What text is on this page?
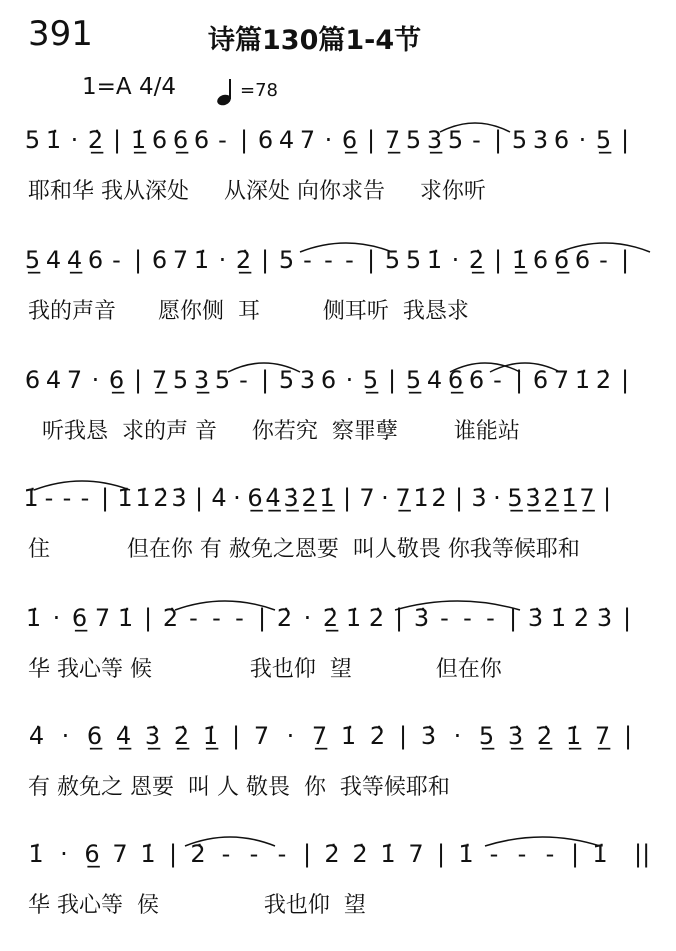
391	诗篇130篇1-4节
1=A 4/4	=78
5 1̇ · 2̲̇ | 1̲̇ 6 6̲ 6 - | 6 4 7 · 6̲ | 7̲ 5 3̲ 5 - | 5 3 6 · 5̲ |
耶和华 我从深处     从深处 向你求告     求你听
5̲ 4 4̲ 6 - | 6 7 1̇ · 2̲̇ | 5 - - - | 5 5 1̇ · 2̲̇ | 1̲̇ 6 6̲ 6 - |
我的声音      愿你侧  耳         侧耳听  我恳求
6 4 7 · 6̲ | 7̲ 5 3̲ 5 - | 5 3 6 · 5̲ | 5̲ 4 6̲ 6 - | 6 7 1̇ 2̇ |
听我恳  求的声 音     你若究  察罪孽        谁能站
1̇ - - - | 1̇ 1̇ 2̇ 3̇ | 4̇ · 6̲ 4̲̇ 3̲̇ 2̲̇ 1̲̇ | 7 · 7̲ 1̇ 2̇ | 3̇ · 5̲ 3̲̇ 2̲̇ 1̲̇ 7̲ |
住           但在你 有 赦免之恩要  叫人敬畏 你我等候耶和
1̇ · 6̲ 7 1̇ | 2̇ - - - | 2̇ · 2̲̇ 1̇ 2̇ | 3̇ - - - | 3̇ 1̇ 2̇ 3̇ |
华 我心等 候              我也仰  望            但在你
4̇ · 6̲ 4̲̇ 3̲̇ 2̲̇ 1̲̇ | 7 · 7̲ 1̇ 2̇ | 3̇ · 5̲ 3̲̇ 2̲̇ 1̲̇ 7̲ |
有 赦免之 恩要  叫 人 敬畏  你  我等候耶和
1̇ · 6̲ 7 1̇ | 2̇ - - - | 2̇ 2̇ 1̇ 7 | 1̇ - - - | 1̇ ||
华 我心等  侯               我也仰  望
